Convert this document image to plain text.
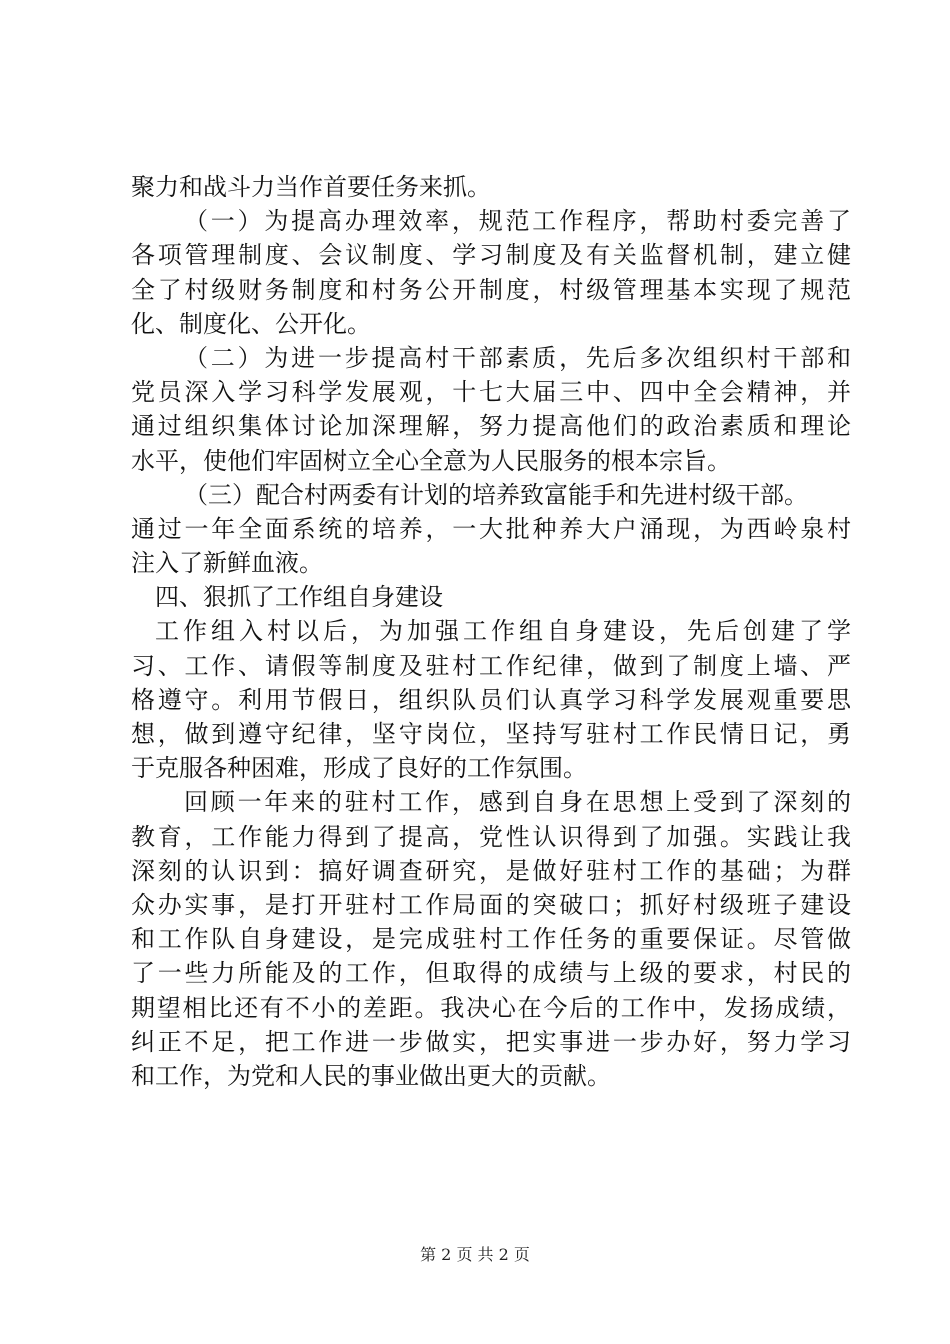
聚力和战斗力当作首要任务来抓。
（一）为提高办理效率，规范工作程序，帮助村委完善了
各项管理制度、会议制度、学习制度及有关监督机制，建立健
全了村级财务制度和村务公开制度，村级管理基本实现了规范
化、制度化、公开化。
（二）为进一步提高村干部素质，先后多次组织村干部和
党员深入学习科学发展观，十七大届三中、四中全会精神，并
通过组织集体讨论加深理解，努力提高他们的政治素质和理论
水平，使他们牢固树立全心全意为人民服务的根本宗旨。
（三）配合村两委有计划的培养致富能手和先进村级干部。
通过一年全面系统的培养，一大批种养大户涌现，为西岭泉村
注入了新鲜血液。
四、狠抓了工作组自身建设
工作组入村以后，为加强工作组自身建设，先后创建了学
习、工作、请假等制度及驻村工作纪律，做到了制度上墙、严
格遵守。利用节假日，组织队员们认真学习科学发展观重要思
想，做到遵守纪律，坚守岗位，坚持写驻村工作民情日记，勇
于克服各种困难，形成了良好的工作氛围。
回顾一年来的驻村工作，感到自身在思想上受到了深刻的
教育，工作能力得到了提高，党性认识得到了加强。实践让我
深刻的认识到：搞好调查研究，是做好驻村工作的基础；为群
众办实事，是打开驻村工作局面的突破口；抓好村级班子建设
和工作队自身建设，是完成驻村工作任务的重要保证。尽管做
了一些力所能及的工作，但取得的成绩与上级的要求，村民的
期望相比还有不小的差距。我决心在今后的工作中，发扬成绩，
纠正不足，把工作进一步做实，把实事进一步办好，努力学习
和工作，为党和人民的事业做出更大的贡献。
第 2 页 共 2 页
